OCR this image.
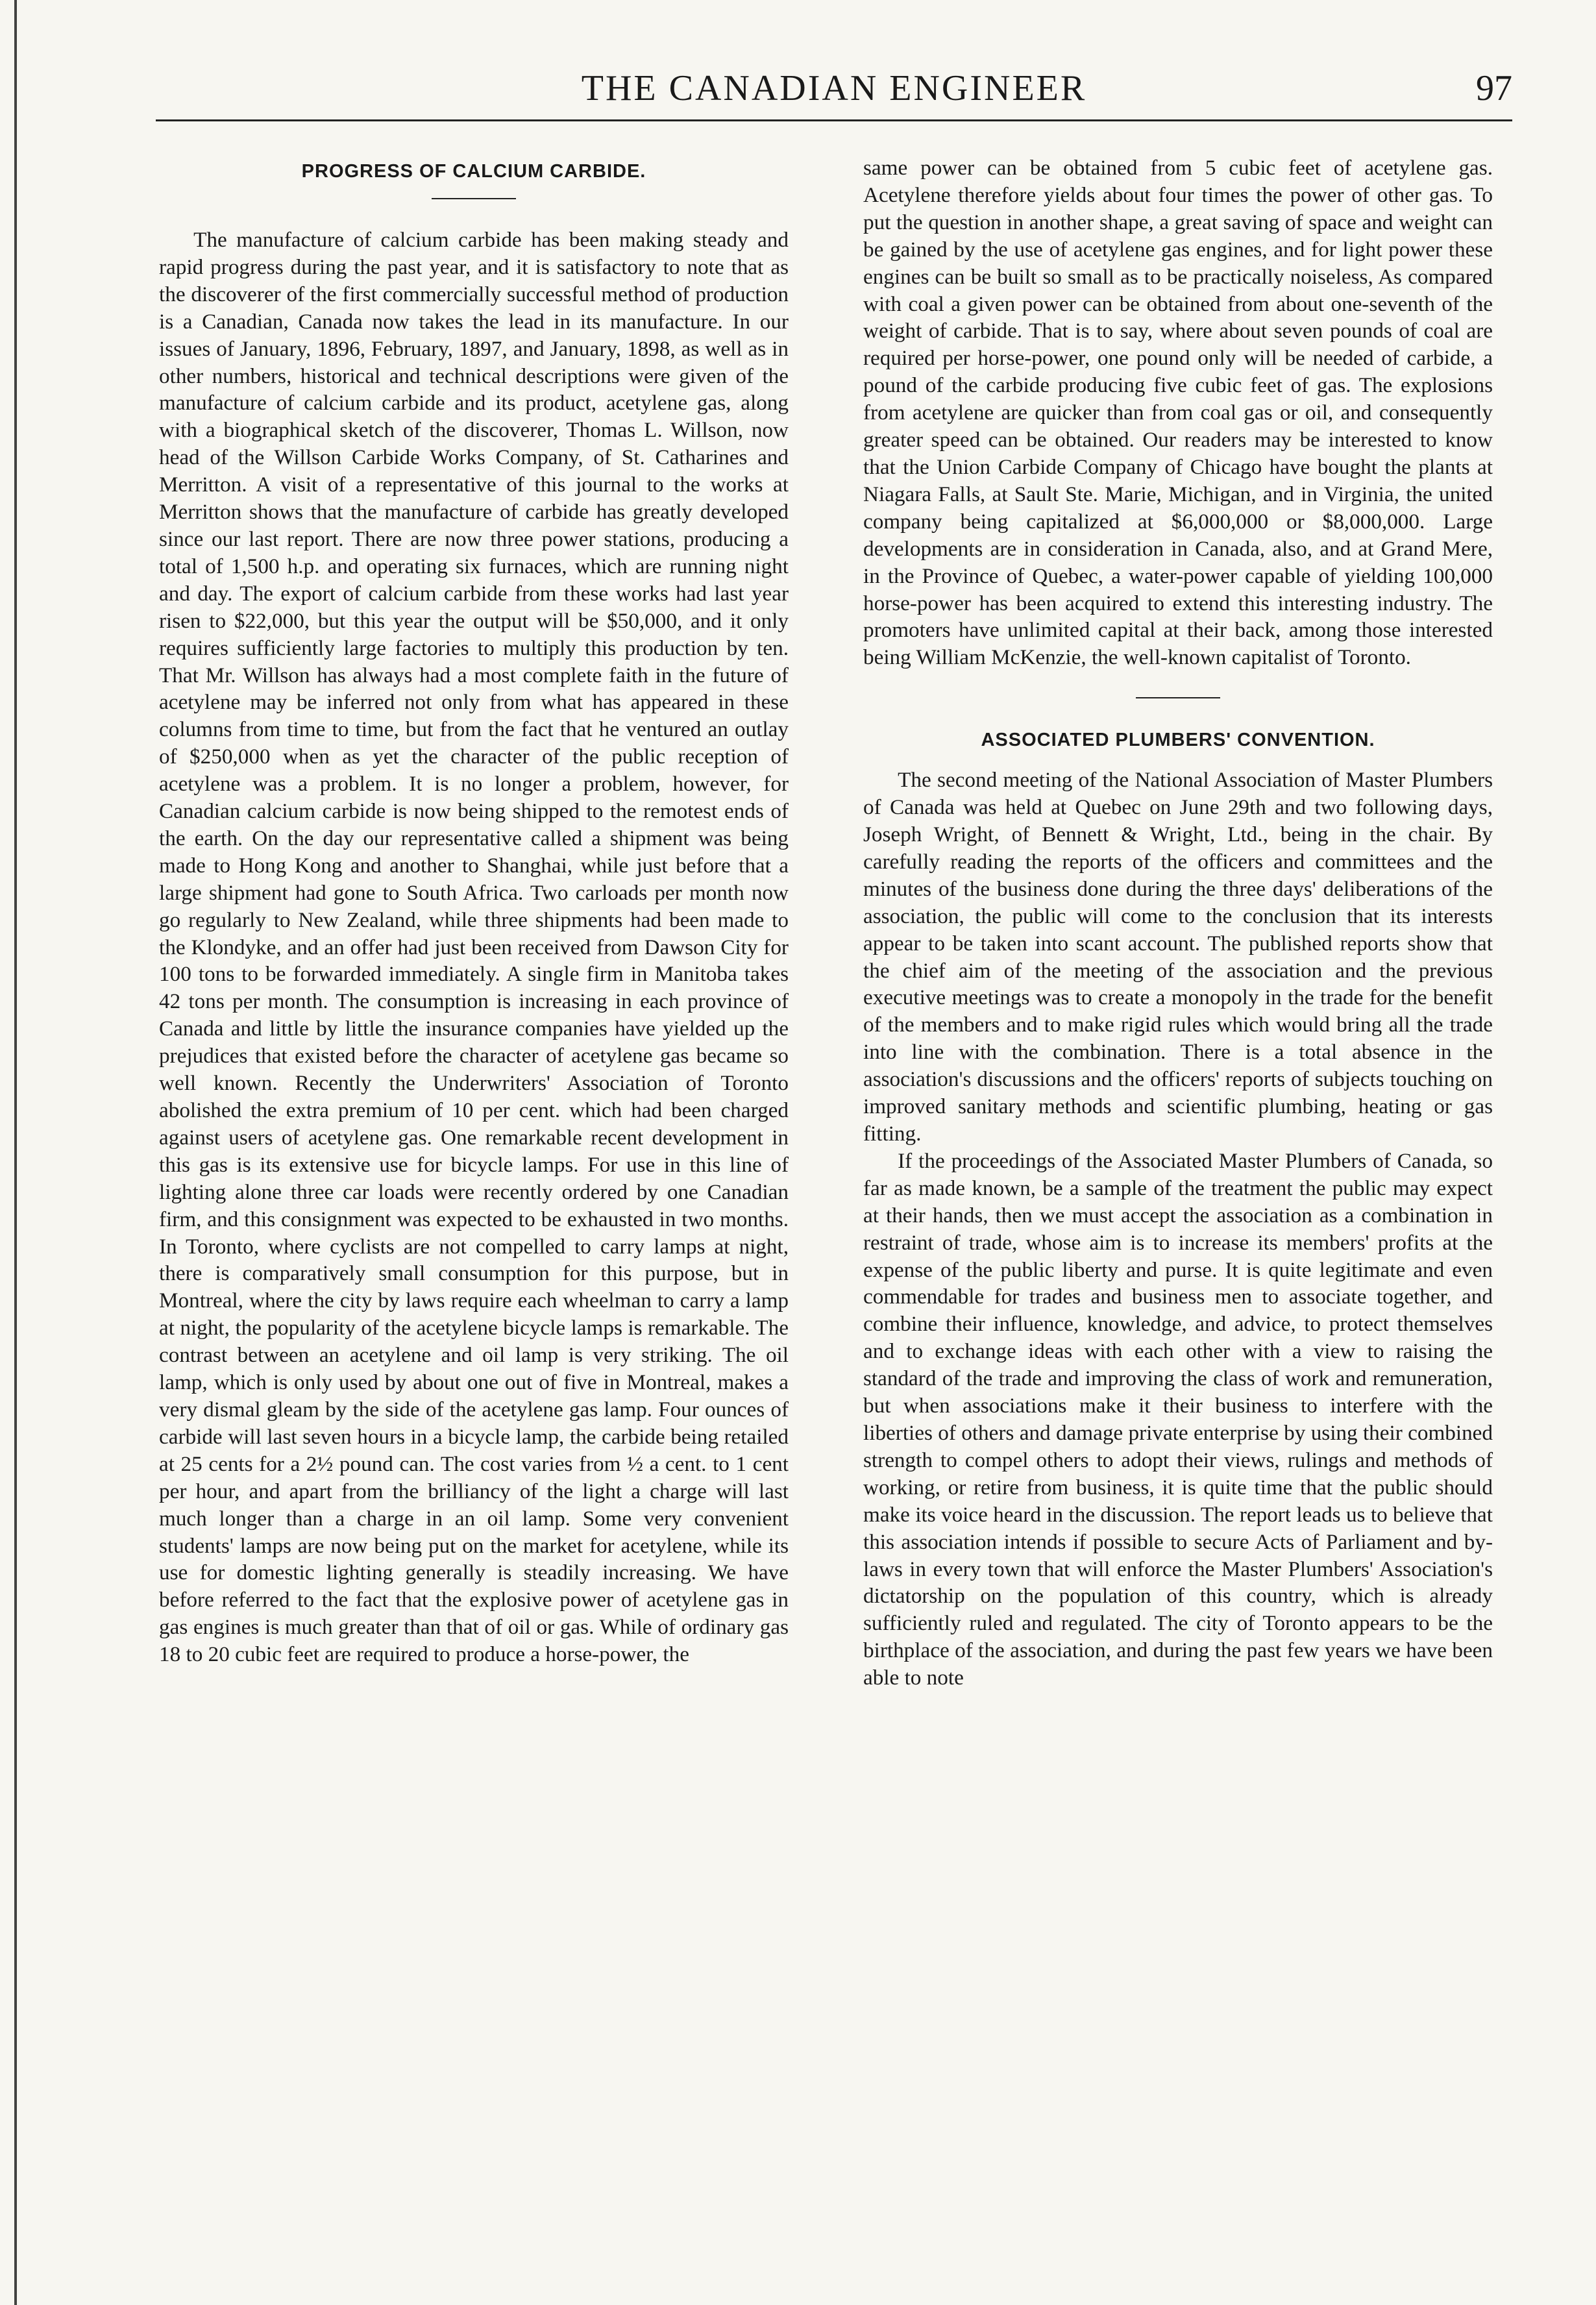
THE CANADIAN ENGINEER	97
PROGRESS OF CALCIUM CARBIDE.

The manufacture of calcium carbide has been making steady and rapid progress during the past year, and it is satisfactory to note that as the discoverer of the first commercially successful method of production is a Canadian, Canada now takes the lead in its manufacture. In our issues of January, 1896, February, 1897, and January, 1898, as well as in other numbers, historical and technical descriptions were given of the manufacture of calcium carbide and its product, acetylene gas, along with a biographical sketch of the discoverer, Thomas L. Willson, now head of the Willson Carbide Works Company, of St. Catharines and Merritton. A visit of a representative of this journal to the works at Merritton shows that the manufacture of carbide has greatly developed since our last report. There are now three power stations, producing a total of 1,500 h.p. and operating six furnaces, which are running night and day. The export of calcium carbide from these works had last year risen to $22,000, but this year the output will be $50,000, and it only requires sufficiently large factories to multiply this production by ten. That Mr. Willson has always had a most complete faith in the future of acetylene may be inferred not only from what has appeared in these columns from time to time, but from the fact that he ventured an outlay of $250,000 when as yet the character of the public reception of acetylene was a problem. It is no longer a problem, however, for Canadian calcium carbide is now being shipped to the remotest ends of the earth. On the day our representative called a shipment was being made to Hong Kong and another to Shanghai, while just before that a large shipment had gone to South Africa. Two carloads per month now go regularly to New Zealand, while three shipments had been made to the Klondyke, and an offer had just been received from Dawson City for 100 tons to be forwarded immediately. A single firm in Manitoba takes 42 tons per month. The consumption is increasing in each province of Canada and little by little the insurance companies have yielded up the prejudices that existed before the character of acetylene gas became so well known. Recently the Underwriters' Association of Toronto abolished the extra premium of 10 per cent. which had been charged against users of acetylene gas. One remarkable recent development in this gas is its extensive use for bicycle lamps. For use in this line of lighting alone three car loads were recently ordered by one Canadian firm, and this consignment was expected to be exhausted in two months. In Toronto, where cyclists are not compelled to carry lamps at night, there is comparatively small consumption for this purpose, but in Montreal, where the city by laws require each wheelman to carry a lamp at night, the popularity of the acetylene bicycle lamps is remarkable. The contrast between an acetylene and oil lamp is very striking. The oil lamp, which is only used by about one out of five in Montreal, makes a very dismal gleam by the side of the acetylene gas lamp. Four ounces of carbide will last seven hours in a bicycle lamp, the carbide being retailed at 25 cents for a 2½ pound can. The cost varies from ½ a cent. to 1 cent per hour, and apart from the brilliancy of the light a charge will last much longer than a charge in an oil lamp. Some very convenient students' lamps are now being put on the market for acetylene, while its use for domestic lighting generally is steadily increasing. We have before referred to the fact that the explosive power of acetylene gas in gas engines is much greater than that of oil or gas. While of ordinary gas 18 to 20 cubic feet are required to produce a horse-power, the

same power can be obtained from 5 cubic feet of acetylene gas. Acetylene therefore yields about four times the power of other gas. To put the question in another shape, a great saving of space and weight can be gained by the use of acetylene gas engines, and for light power these engines can be built so small as to be practically noiseless, As compared with coal a given power can be obtained from about one-seventh of the weight of carbide. That is to say, where about seven pounds of coal are required per horse-power, one pound only will be needed of carbide, a pound of the carbide producing five cubic feet of gas. The explosions from acetylene are quicker than from coal gas or oil, and consequently greater speed can be obtained. Our readers may be interested to know that the Union Carbide Company of Chicago have bought the plants at Niagara Falls, at Sault Ste. Marie, Michigan, and in Virginia, the united company being capitalized at $6,000,000 or $8,000,000. Large developments are in consideration in Canada, also, and at Grand Mere, in the Province of Quebec, a water-power capable of yielding 100,000 horse-power has been acquired to extend this interesting industry. The promoters have unlimited capital at their back, among those interested being William McKenzie, the well-known capitalist of Toronto.

ASSOCIATED PLUMBERS' CONVENTION.

The second meeting of the National Association of Master Plumbers of Canada was held at Quebec on June 29th and two following days, Joseph Wright, of Bennett & Wright, Ltd., being in the chair. By carefully reading the reports of the officers and committees and the minutes of the business done during the three days' deliberations of the association, the public will come to the conclusion that its interests appear to be taken into scant account. The published reports show that the chief aim of the meeting of the association and the previous executive meetings was to create a monopoly in the trade for the benefit of the members and to make rigid rules which would bring all the trade into line with the combination. There is a total absence in the association's discussions and the officers' reports of subjects touching on improved sanitary methods and scientific plumbing, heating or gas fitting.

If the proceedings of the Associated Master Plumbers of Canada, so far as made known, be a sample of the treatment the public may expect at their hands, then we must accept the association as a combination in restraint of trade, whose aim is to increase its members' profits at the expense of the public liberty and purse. It is quite legitimate and even commendable for trades and business men to associate together, and combine their influence, knowledge, and advice, to protect themselves and to exchange ideas with each other with a view to raising the standard of the trade and improving the class of work and remuneration, but when associations make it their business to interfere with the liberties of others and damage private enterprise by using their combined strength to compel others to adopt their views, rulings and methods of working, or retire from business, it is quite time that the public should make its voice heard in the discussion. The report leads us to believe that this association intends if possible to secure Acts of Parliament and by-laws in every town that will enforce the Master Plumbers' Association's dictatorship on the population of this country, which is already sufficiently ruled and regulated. The city of Toronto appears to be the birthplace of the association, and during the past few years we have been able to note
